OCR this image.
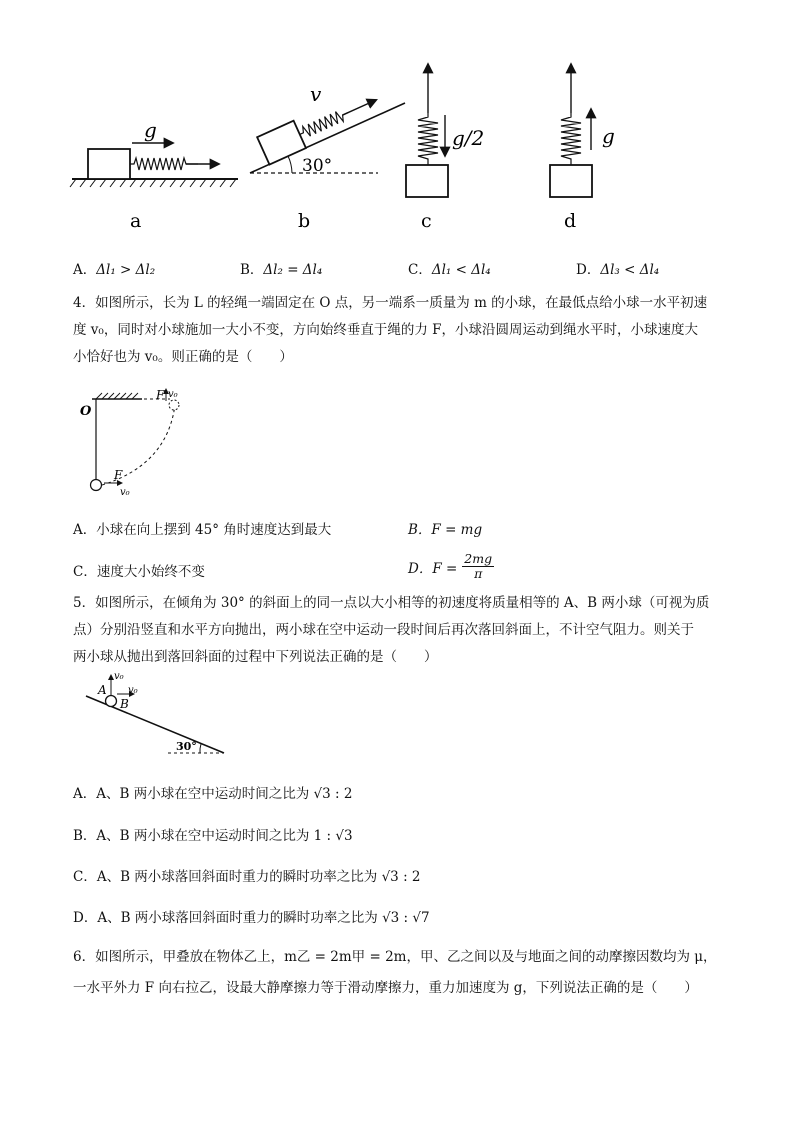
g
a
v
30°
b
g/2
c
g
d
A．Δl₁ > Δl₂	B．Δl₂ = Δl₄	C．Δl₁ < Δl₄	D．Δl₃ < Δl₄
4．如图所示，长为 L 的轻绳一端固定在 O 点，另一端系一质量为 m 的小球，在最低点给小球一水平初速
度 v₀，同时对小球施加一大小不变，方向始终垂直于绳的力 F，小球沿圆周运动到绳水平时，小球速度大
小恰好也为 v₀。则正确的是（　　）
O
F v₀
F
v₀
A．小球在向上摆到 45° 角时速度达到最大	B．F = mg
C．速度大小始终不变	D．$F = \frac{2mg}{\pi}$
5．如图所示，在倾角为 30° 的斜面上的同一点以大小相等的初速度将质量相等的 A、B 两小球（可视为质
点）分别沿竖直和水平方向抛出，两小球在空中运动一段时间后再次落回斜面上，不计空气阻力。则关于
两小球从抛出到落回斜面的过程中下列说法正确的是（　　）
30°
v₀
v₀
A
B
A．A、B 两小球在空中运动时间之比为 √3 : 2
B．A、B 两小球在空中运动时间之比为 1 : √3
C．A、B 两小球落回斜面时重力的瞬时功率之比为 √3 : 2
D．A、B 两小球落回斜面时重力的瞬时功率之比为 √3 : √7
6．如图所示，甲叠放在物体乙上，m乙 = 2m甲 = 2m，甲、乙之间以及与地面之间的动摩擦因数均为 μ，
一水平外力 F 向右拉乙，设最大静摩擦力等于滑动摩擦力，重力加速度为 g，下列说法正确的是（　　）
